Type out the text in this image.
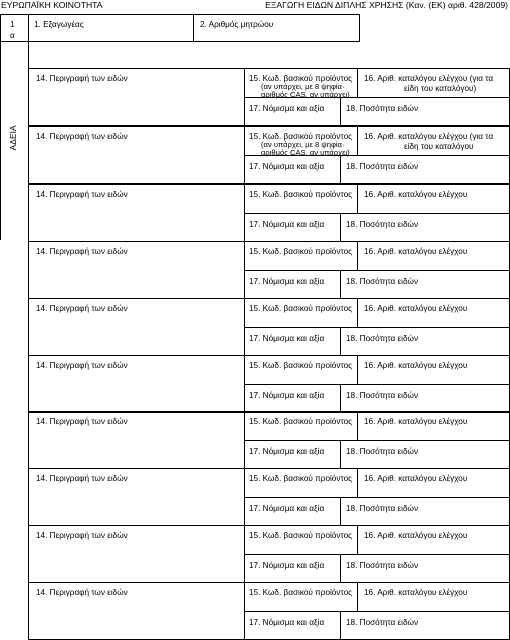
ΕΥΡΩΠΑΪΚΗ ΚΟΙΝΟΤΗΤΑ	ΕΞΑΓΩΓΗ ΕΙΔΩΝ ΔΙΠΛΗΣ ΧΡΗΣΗΣ (Καν. (ΕΚ) αριθ. 428/2009)
1
α
1. Εξαγωγέας	2. Αριθμός μητρώου
ΑΔΕΙΑ
14. Περιγραφή των ειδών	15. Κωδ. βασικού προϊόντος
(αν υπάρχει, με 8 ψηφία·
αριθμός CAS, αν υπάρχει)
16. Αριθ. καταλόγου ελέγχου (για τα
είδη του καταλόγου)
17. Νόμισμα και αξία	18. Ποσότητα ειδών
14. Περιγραφή των ειδών	15. Κωδ. βασικού προϊόντος
(αν υπάρχει, με 8 ψηφία·
αριθμός CAS, αν υπάρχει)
16. Αριθ. καταλόγου ελέγχου (για τα
είδη του καταλόγου
17. Νόμισμα και αξία	18. Ποσότητα ειδών
14. Περιγραφή των ειδών	15. Κωδ. βασικού προϊόντος 16. Αριθ. καταλόγου ελέγχου
17. Νόμισμα και αξία	18. Ποσότητα ειδών
14. Περιγραφή των ειδών	15. Κωδ. βασικού προϊόντος 16. Αριθ. καταλόγου ελέγχου
17. Νόμισμα και αξία	18. Ποσότητα ειδών
14. Περιγραφή των ειδών	15. Κωδ. βασικού προϊόντος 16. Αριθ. καταλόγου ελέγχου
17. Νόμισμα και αξία	18. Ποσότητα ειδών
14. Περιγραφή των ειδών	15. Κωδ. βασικού προϊόντος 16. Αριθ. καταλόγου ελέγχου
17. Νόμισμα και αξία	18. Ποσότητα ειδών
14. Περιγραφή των ειδών	15. Κωδ. βασικού προϊόντος 16. Αριθ. καταλόγου ελέγχου
17. Νόμισμα και αξία	18. Ποσότητα ειδών
14. Περιγραφή των ειδών	15. Κωδ. βασικού προϊόντος 16. Αριθ. καταλόγου ελέγχου
17. Νόμισμα και αξία	18. Ποσότητα ειδών
14. Περιγραφή των ειδών	15. Κωδ. βασικού προϊόντος 16. Αριθ. καταλόγου ελέγχου
17. Νόμισμα και αξία	18. Ποσότητα ειδών
14. Περιγραφή των ειδών	15. Κωδ. βασικού προϊόντος 16. Αριθ. καταλόγου ελέγχου
17. Νόμισμα και αξία	18. Ποσότητα ειδών
